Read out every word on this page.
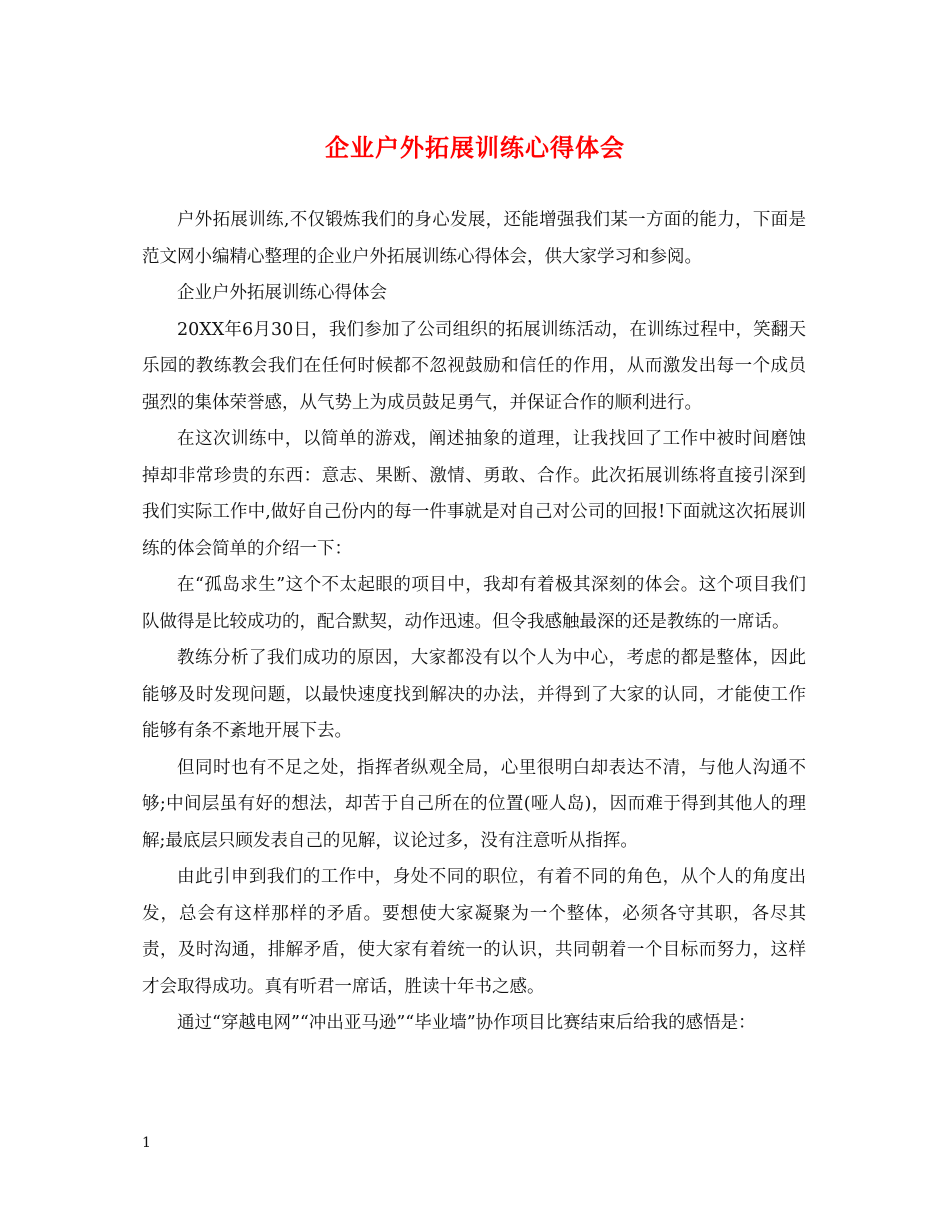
企业户外拓展训练心得体会

户外拓展训练,不仅锻炼我们的身心发展，还能增强我们某一方面的能力，下面是范文网小编精心整理的企业户外拓展训练心得体会，供大家学习和参阅。

企业户外拓展训练心得体会

20XX年6月30日，我们参加了公司组织的拓展训练活动，在训练过程中，笑翻天乐园的教练教会我们在任何时候都不忽视鼓励和信任的作用，从而激发出每一个成员强烈的集体荣誉感，从气势上为成员鼓足勇气，并保证合作的顺利进行。

在这次训练中，以简单的游戏，阐述抽象的道理，让我找回了工作中被时间磨蚀掉却非常珍贵的东西：意志、果断、激情、勇敢、合作。此次拓展训练将直接引深到我们实际工作中,做好自己份内的每一件事就是对自己对公司的回报!下面就这次拓展训练的体会简单的介绍一下：

在“孤岛求生”这个不太起眼的项目中，我却有着极其深刻的体会。这个项目我们队做得是比较成功的，配合默契，动作迅速。但令我感触最深的还是教练的一席话。

教练分析了我们成功的原因，大家都没有以个人为中心，考虑的都是整体，因此能够及时发现问题，以最快速度找到解决的办法，并得到了大家的认同，才能使工作能够有条不紊地开展下去。

但同时也有不足之处，指挥者纵观全局，心里很明白却表达不清，与他人沟通不够;中间层虽有好的想法，却苦于自己所在的位置(哑人岛)，因而难于得到其他人的理解;最底层只顾发表自己的见解，议论过多，没有注意听从指挥。

由此引申到我们的工作中，身处不同的职位，有着不同的角色，从个人的角度出发，总会有这样那样的矛盾。要想使大家凝聚为一个整体，必须各守其职，各尽其责，及时沟通，排解矛盾，使大家有着统一的认识，共同朝着一个目标而努力，这样才会取得成功。真有听君一席话，胜读十年书之感。

通过“穿越电网”“冲出亚马逊”“毕业墙”协作项目比赛结束后给我的感悟是：

1
